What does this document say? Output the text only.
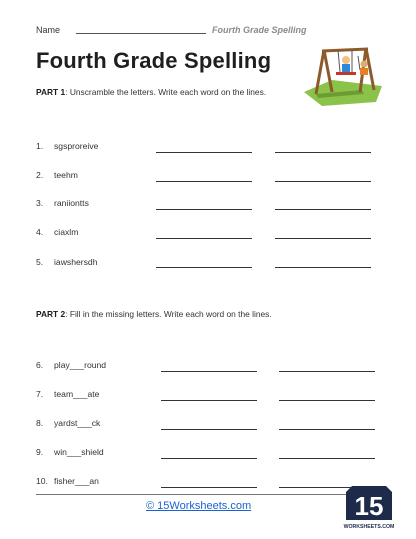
Name	Fourth Grade Spelling
Fourth Grade Spelling
PART 1: Unscramble the letters. Write each word on the lines.
1. sgsproreive
2. teehm
3. raniiontts
4. ciaxlm
5. iawshersdh
PART 2: Fill in the missing letters. Write each word on the lines.
6. play___round
7. team___ate
8. yardst___ck
9. win___shield
10. fisher___an
© 15Worksheets.com	15
WORKSHEETS.COM
